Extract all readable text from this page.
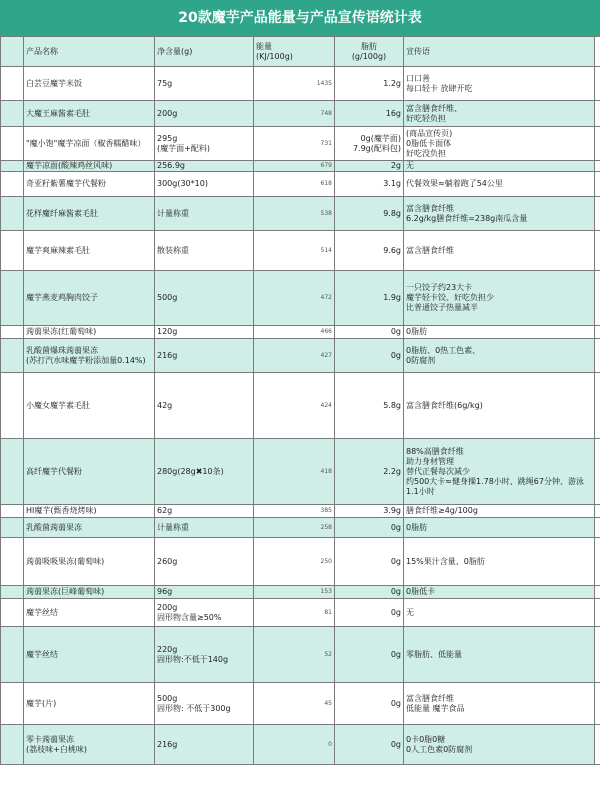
20款魔芋产品能量与产品宣传语统计表
	产品名称	净含量(g)	能量
(KJ/100g)	脂肪
(g/100g)	宣传语	
	白芸豆魔芋米饭	75g	1435	1.2g	口口善
每口轻卡 放肆开吃	
	大魔王麻酱素毛肚	200g	748	16g	富含膳食纤维、
好吃轻负担	
	"魔小饱"魔芋凉面（椒香糯醋味）	295g
(魔芋面+配料)	731	0g(魔芋面)
7.9g(配料包)	(商品宣传页)
0脂低卡面体
好吃没负担	
	魔芋凉面(酸辣鸡丝风味)	256.9g	679	2g	无	
	奇亚籽紫薯魔芋代餐粉	300g(30*10)	618	3.1g	代餐效果≈躺着跑了54公里	
	花样魔纤麻酱素毛肚	计量称重	538	9.8g	富含膳食纤维
6.2g/kg膳食纤维=238g南瓜含量	
	魔芋爽麻辣素毛肚	散装称重	514	9.6g	富含膳食纤维	
	魔芋燕麦鸡胸肉饺子	500g	472	1.9g	一只饺子约23大卡
魔芋轻卡饺、好吃负担少
比普通饺子热量减半	
	蒟蒻果冻(红葡萄味)	120g	466	0g	0脂肪	
	乳酸菌爆珠蒟蒻果冻
(苏打汽水味魔芋粉添加量0.14%)	216g	427	0g	0脂肪、0热工色素、
0防腐剂	
	小魔女魔芋素毛肚	42g	424	5.8g	富含膳食纤维(6g/kg)	
	高纤魔芋代餐粉	280g(28g✖10条)	418	2.2g	88%高膳食纤维
助力身材管理
替代正餐每次减少
约500大卡≈健身操1.78小时、跳绳67分钟、游泳1.1小时	
	HI魔芋(甄香烧烤味)	62g	385	3.9g	膳食纤维≥4g/100g	
	乳酸菌蒟蒻果冻	计量称重	258	0g	0脂肪	
	蒟蒻吸吸果冻(葡萄味)	260g	250	0g	15%果汁含量、0脂肪	
	蒟蒻果冻(巨峰葡萄味)	96g	153	0g	0脂低卡	
	魔芋丝结	200g
固形物含量≥50%	81	0g	无	
	魔芋丝结	220g
固形物:不低于140g	52	0g	零脂肪、低能量	
	魔芋(片)	500g
固形物: 不低于300g	45	0g	富含膳食纤维
低能量 魔芋食品	
	零卡蒟蒻果冻
(荔枝味+白桃味)	216g	0	0g	0卡0脂0糖
0人工色素0防腐剂	
